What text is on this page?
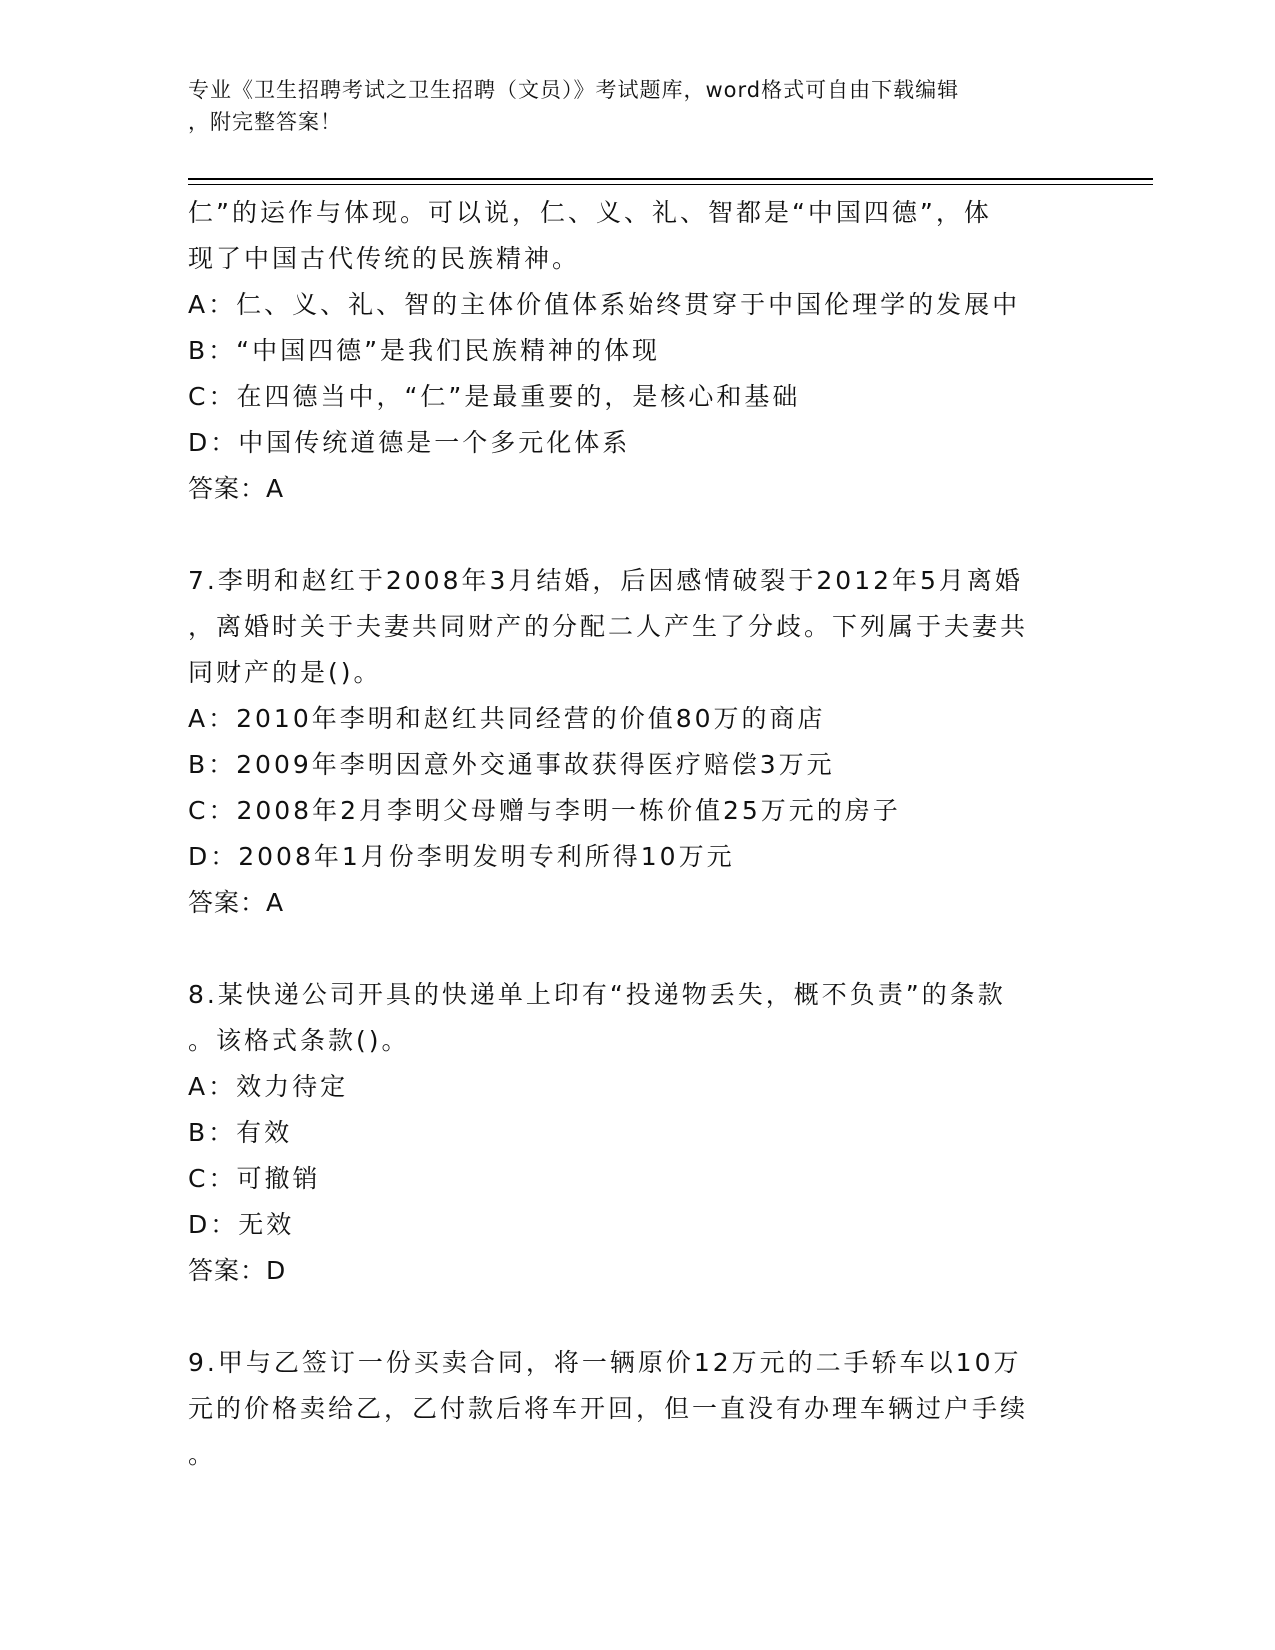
专业《卫生招聘考试之卫生招聘（文员）》考试题库，word格式可自由下载编辑
，附完整答案！
仁”的运作与体现。可以说，仁、义、礼、智都是“中国四德”，体
现了中国古代传统的民族精神。
A：仁、义、礼、智的主体价值体系始终贯穿于中国伦理学的发展中
B：“中国四德”是我们民族精神的体现
C：在四德当中，“仁”是最重要的，是核心和基础
D：中国传统道德是一个多元化体系
答案：A
7.李明和赵红于2008年3月结婚，后因感情破裂于2012年5月离婚
，离婚时关于夫妻共同财产的分配二人产生了分歧。下列属于夫妻共
同财产的是()。
A：2010年李明和赵红共同经营的价值80万的商店
B：2009年李明因意外交通事故获得医疗赔偿3万元
C：2008年2月李明父母赠与李明一栋价值25万元的房子
D：2008年1月份李明发明专利所得10万元
答案：A
8.某快递公司开具的快递单上印有“投递物丢失，概不负责”的条款
。该格式条款()。
A：效力待定
B：有效
C：可撤销
D：无效
答案：D
9.甲与乙签订一份买卖合同，将一辆原价12万元的二手轿车以10万
元的价格卖给乙，乙付款后将车开回，但一直没有办理车辆过户手续
。
